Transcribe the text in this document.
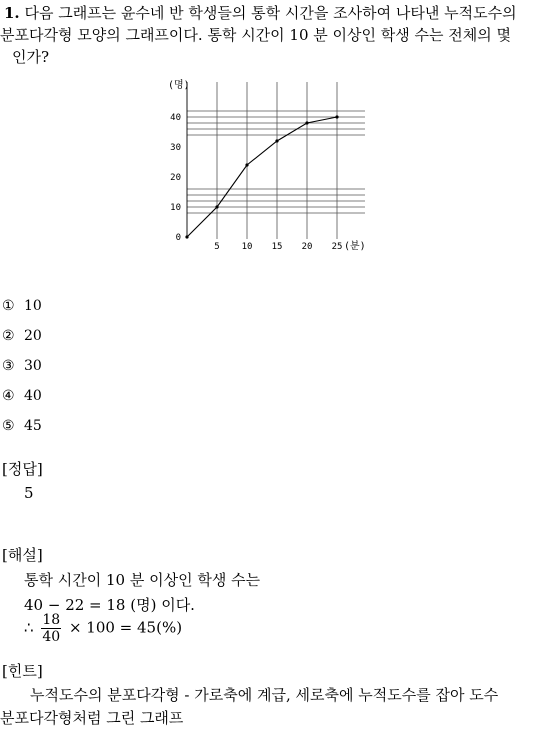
1. 다음 그래프는 윤수네 반 학생들의 통학 시간을 조사하여 나타낸 누적도수의
분포다각형 모양의 그래프이다. 통학 시간이 10 분 이상인 학생 수는 전체의 몇
인가?
0
10
20
30
40
5 10 15 20 25
(명)
(분)
① 10
② 20
③ 30
④ 40
⑤ 45
[정답]
5
[해설]
통학 시간이 10 분 이상인 학생 수는
40 − 22 = 18 (명) 이다.
∴ $\frac{18}{40} \times 100 = 45(\%)$
[힌트]
누적도수의 분포다각형 - 가로축에 계급, 세로축에 누적도수를 잡아 도수
분포다각형처럼 그린 그래프
